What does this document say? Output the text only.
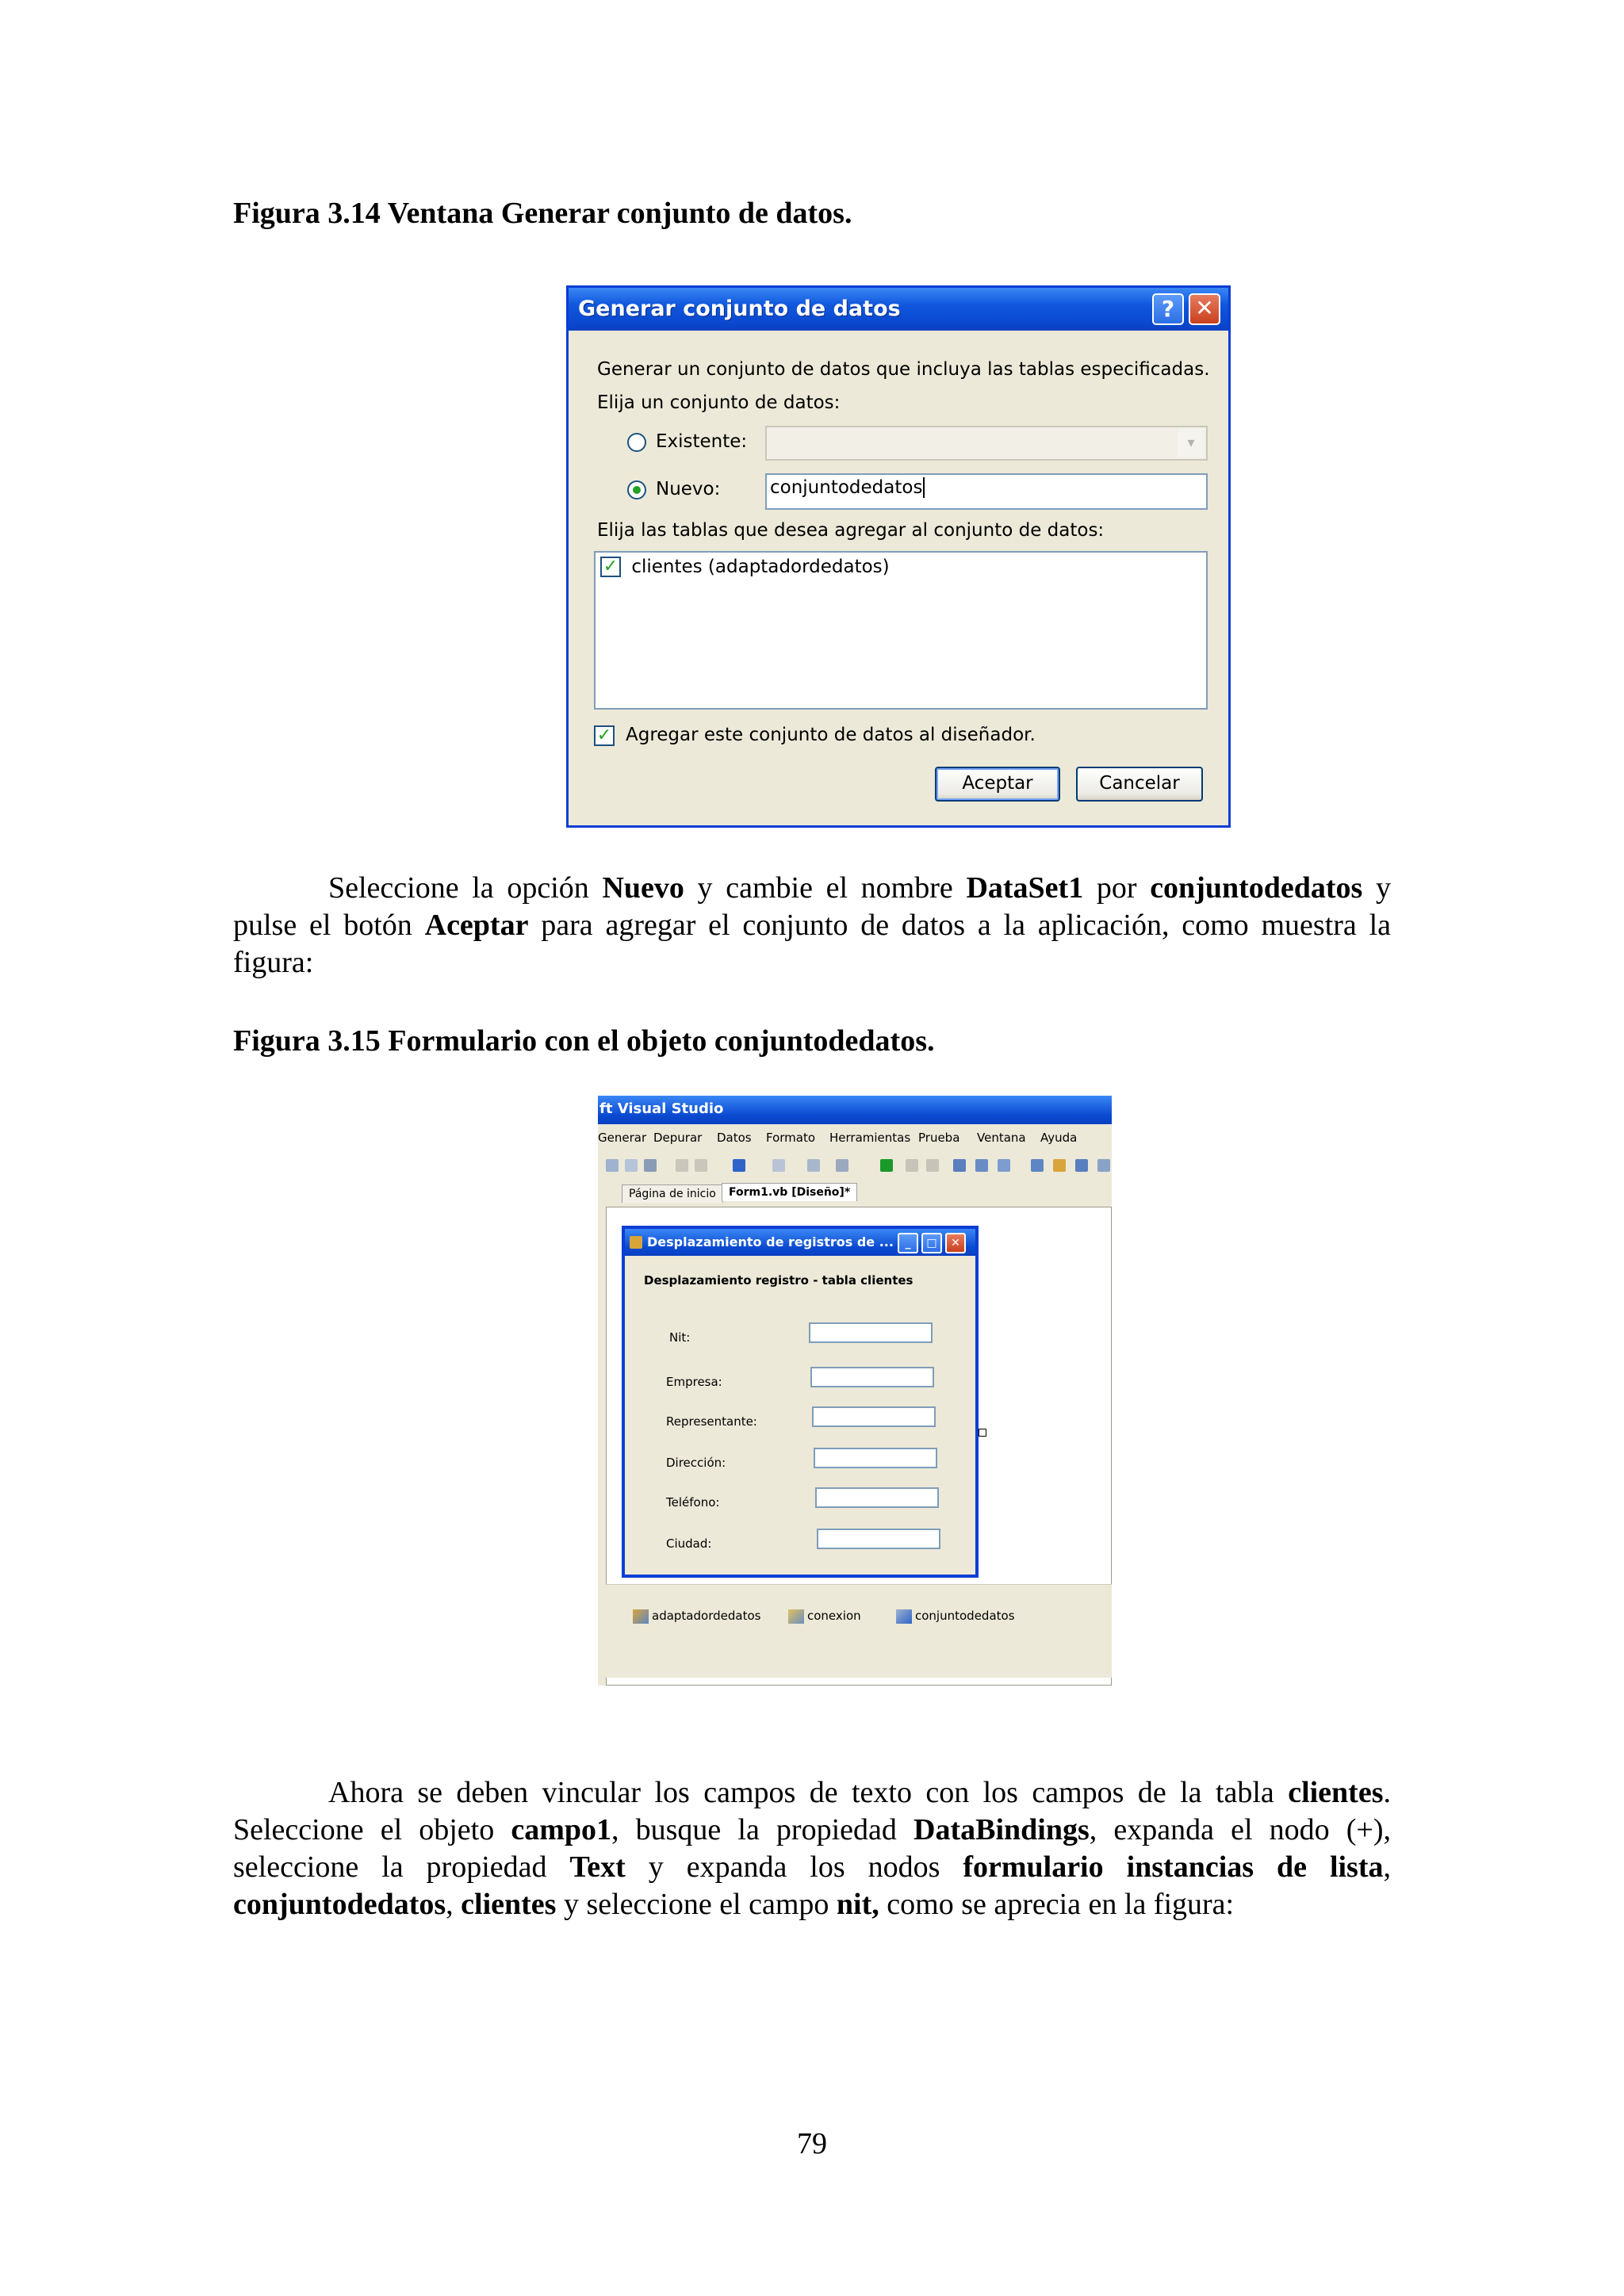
Figura 3.14 Ventana Generar conjunto de datos.
Generar conjunto de datos	? ✕
Generar un conjunto de datos que incluya las tablas especificadas.
Elija un conjunto de datos:
Existente:	▾
Nuevo:	conjuntodedatos
Elija las tablas que desea agregar al conjunto de datos:
✓ clientes (adaptadordedatos)
✓ Agregar este conjunto de datos al diseñador.
Aceptar	Cancelar
Seleccione la opción Nuevo y cambie el nombre DataSet1 por conjuntodedatos y pulse el botón Aceptar para agregar el conjunto de datos a la aplicación, como muestra la figura:
Figura 3.15 Formulario con el objeto conjuntodedatos.
ft Visual Studio
Generar Depurar Datos Formato Herramientas Prueba Ventana Ayuda
Página de inicio	Form1.vb [Diseño]*
Desplazamiento de registros de ...	_	□	✕
Desplazamiento registro - tabla clientes
Nit:
Empresa:
Representante:
Dirección:
Teléfono:
Ciudad:
adaptadordedatos	conexion	conjuntodedatos
Ahora se deben vincular los campos de texto con los campos de la tabla clientes. Seleccione el objeto campo1, busque la propiedad DataBindings, expanda el nodo (+), seleccione la propiedad Text y expanda los nodos formulario instancias de lista, conjuntodedatos, clientes y seleccione el campo nit, como se aprecia en la figura:
79
